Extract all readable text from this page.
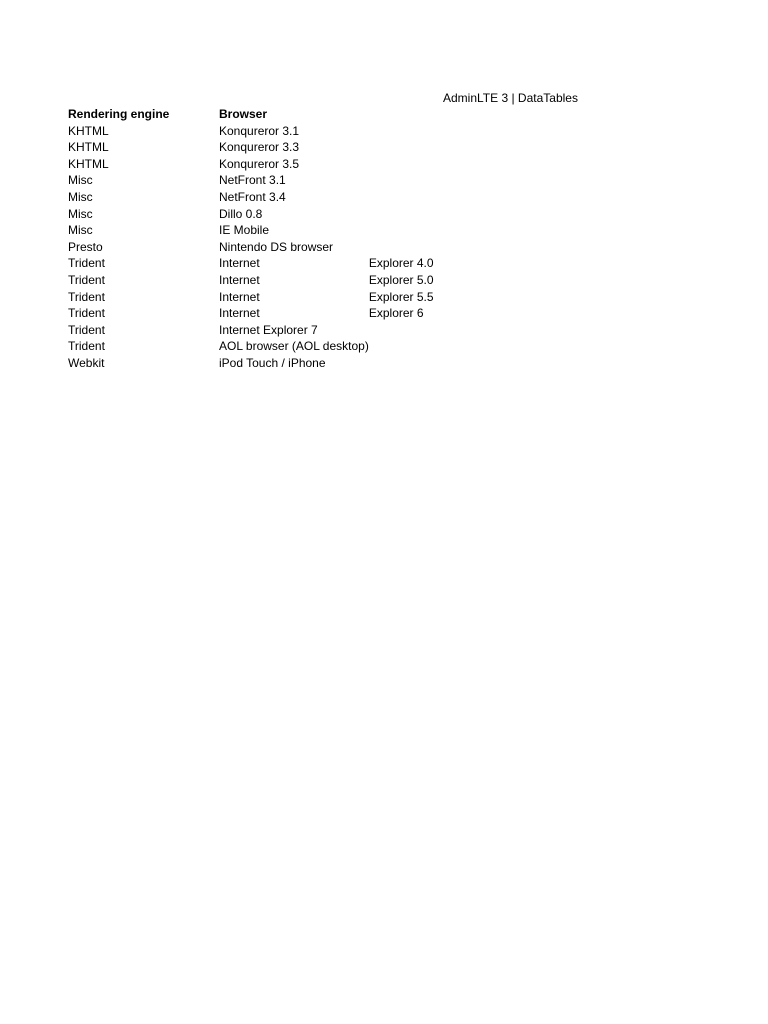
AdminLTE 3 | DataTables
Rendering engine	Browser	
KHTML	Konqureror 3.1	
KHTML	Konqureror 3.3	
KHTML	Konqureror 3.5	
Misc	NetFront 3.1	
Misc	NetFront 3.4	
Misc	Dillo 0.8	
Misc	IE Mobile	
Presto	Nintendo DS browser	
Trident	Internet	Explorer 4.0
Trident	Internet	Explorer 5.0
Trident	Internet	Explorer 5.5
Trident	Internet	Explorer 6
Trident	Internet Explorer 7	
Trident	AOL browser (AOL desktop)	
Webkit	iPod Touch / iPhone	
